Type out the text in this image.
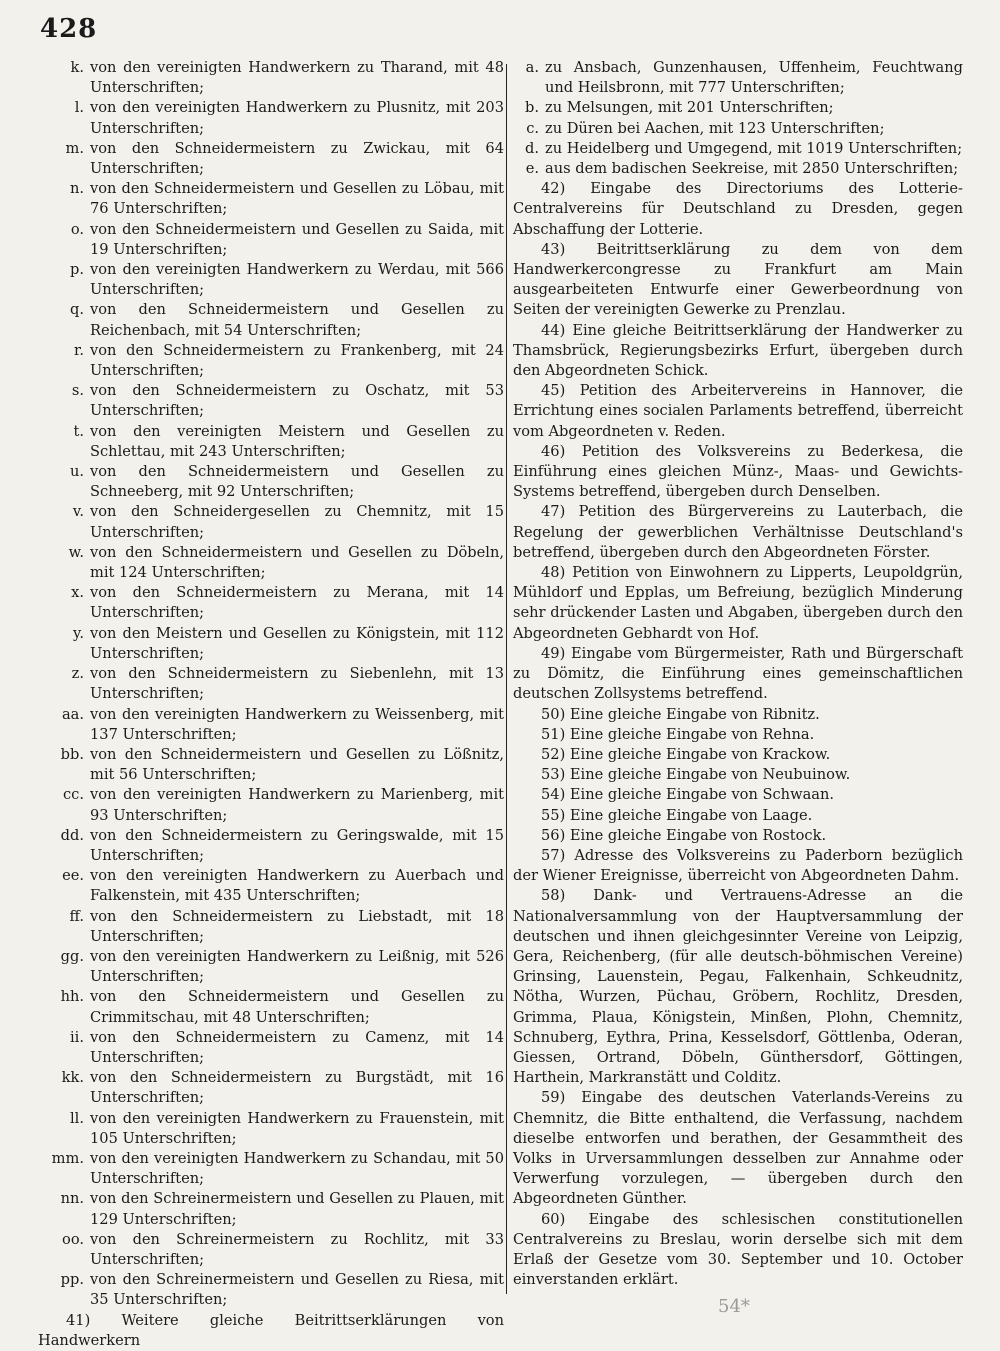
428
k. von den vereinigten Handwerkern zu Tharand, mit 48 Unterschriften;
l. von den vereinigten Handwerkern zu Plusnitz, mit 203 Unterschriften;
m. von den Schneidermeistern zu Zwickau, mit 64 Unterschriften;
n. von den Schneidermeistern und Gesellen zu Löbau, mit 76 Unterschriften;
o. von den Schneidermeistern und Gesellen zu Saida, mit 19 Unterschriften;
p. von den vereinigten Handwerkern zu Werdau, mit 566 Unterschriften;
q. von den Schneidermeistern und Gesellen zu Reichenbach, mit 54 Unterschriften;
r. von den Schneidermeistern zu Frankenberg, mit 24 Unterschriften;
s. von den Schneidermeistern zu Oschatz, mit 53 Unterschriften;
t. von den vereinigten Meistern und Gesellen zu Schlettau, mit 243 Unterschriften;
u. von den Schneidermeistern und Gesellen zu Schneeberg, mit 92 Unterschriften;
v. von den Schneidergesellen zu Chemnitz, mit 15 Unterschriften;
w. von den Schneidermeistern und Gesellen zu Döbeln, mit 124 Unterschriften;
x. von den Schneidermeistern zu Merana, mit 14 Unterschriften;
y. von den Meistern und Gesellen zu Königstein, mit 112 Unterschriften;
z. von den Schneidermeistern zu Siebenlehn, mit 13 Unterschriften;
aa. von den vereinigten Handwerkern zu Weissenberg, mit 137 Unterschriften;
bb. von den Schneidermeistern und Gesellen zu Lößnitz, mit 56 Unterschriften;
cc. von den vereinigten Handwerkern zu Marienberg, mit 93 Unterschriften;
dd. von den Schneidermeistern zu Geringswalde, mit 15 Unterschriften;
ee. von den vereinigten Handwerkern zu Auerbach und Falkenstein, mit 435 Unterschriften;
ff. von den Schneidermeistern zu Liebstadt, mit 18 Unterschriften;
gg. von den vereinigten Handwerkern zu Leißnig, mit 526 Unterschriften;
hh. von den Schneidermeistern und Gesellen zu Crimmitschau, mit 48 Unterschriften;
ii. von den Schneidermeistern zu Camenz, mit 14 Unterschriften;
kk. von den Schneidermeistern zu Burgstädt, mit 16 Unterschriften;
ll. von den vereinigten Handwerkern zu Frauenstein, mit 105 Unterschriften;
mm. von den vereinigten Handwerkern zu Schandau, mit 50 Unterschriften;
nn. von den Schreinermeistern und Gesellen zu Plauen, mit 129 Unterschriften;
oo. von den Schreinermeistern zu Rochlitz, mit 33 Unterschriften;
pp. von den Schreinermeistern und Gesellen zu Riesa, mit 35 Unterschriften;
41) Weitere gleiche Beitrittserklärungen von Handwerkern
a. zu Ansbach, Gunzenhausen, Uffenheim, Feuchtwang und Heilsbronn, mit 777 Unterschriften;
b. zu Melsungen, mit 201 Unterschriften;
c. zu Düren bei Aachen, mit 123 Unterschriften;
d. zu Heidelberg und Umgegend, mit 1019 Unterschriften;
e. aus dem badischen Seekreise, mit 2850 Unterschriften;
42) Eingabe des Directoriums des Lotterie-Centralvereins für Deutschland zu Dresden, gegen Abschaffung der Lotterie.
43) Beitrittserklärung zu dem von dem Handwerkercongresse zu Frankfurt am Main ausgearbeiteten Entwurfe einer Gewerbeordnung von Seiten der vereinigten Gewerke zu Prenzlau.
44) Eine gleiche Beitrittserklärung der Handwerker zu Thamsbrück, Regierungsbezirks Erfurt, übergeben durch den Abgeordneten Schick.
45) Petition des Arbeitervereins in Hannover, die Errichtung eines socialen Parlaments betreffend, überreicht vom Abgeordneten v. Reden.
46) Petition des Volksvereins zu Bederkesa, die Einführung eines gleichen Münz-, Maas- und Gewichts-Systems betreffend, übergeben durch Denselben.
47) Petition des Bürgervereins zu Lauterbach, die Regelung der gewerblichen Verhältnisse Deutschland's betreffend, übergeben durch den Abgeordneten Förster.
48) Petition von Einwohnern zu Lipperts, Leupoldgrün, Mühldorf und Epplas, um Befreiung, bezüglich Minderung sehr drückender Lasten und Abgaben, übergeben durch den Abgeordneten Gebhardt von Hof.
49) Eingabe vom Bürgermeister, Rath und Bürgerschaft zu Dömitz, die Einführung eines gemeinschaftlichen deutschen Zollsystems betreffend.
50) Eine gleiche Eingabe von Ribnitz.
51) Eine gleiche Eingabe von Rehna.
52) Eine gleiche Eingabe von Krackow.
53) Eine gleiche Eingabe von Neubuinow.
54) Eine gleiche Eingabe von Schwaan.
55) Eine gleiche Eingabe von Laage.
56) Eine gleiche Eingabe von Rostock.
57) Adresse des Volksvereins zu Paderborn bezüglich der Wiener Ereignisse, überreicht von Abgeordneten Dahm.
58) Dank- und Vertrauens-Adresse an die Nationalversammlung von der Hauptversammlung der deutschen und ihnen gleichgesinnter Vereine von Leipzig, Gera, Reichenberg, (für alle deutsch-böhmischen Vereine) Grinsing, Lauenstein, Pegau, Falkenhain, Schkeudnitz, Nötha, Wurzen, Püchau, Gröbern, Rochlitz, Dresden, Grimma, Plaua, Königstein, Minßen, Plohn, Chemnitz, Schnuberg, Eythra, Prina, Kesselsdorf, Göttlenba, Oderan, Giessen, Ortrand, Döbeln, Günthersdorf, Göttingen, Harthein, Markranstätt und Colditz.
59) Eingabe des deutschen Vaterlands-Vereins zu Chemnitz, die Bitte enthaltend, die Verfassung, nachdem dieselbe entworfen und berathen, der Gesammtheit des Volks in Urversammlungen desselben zur Annahme oder Verwerfung vorzulegen, — übergeben durch den Abgeordneten Günther.
60) Eingabe des schlesischen constitutionellen Centralvereins zu Breslau, worin derselbe sich mit dem Erlaß der Gesetze vom 30. September und 10. October einverstanden erklärt.
54*
